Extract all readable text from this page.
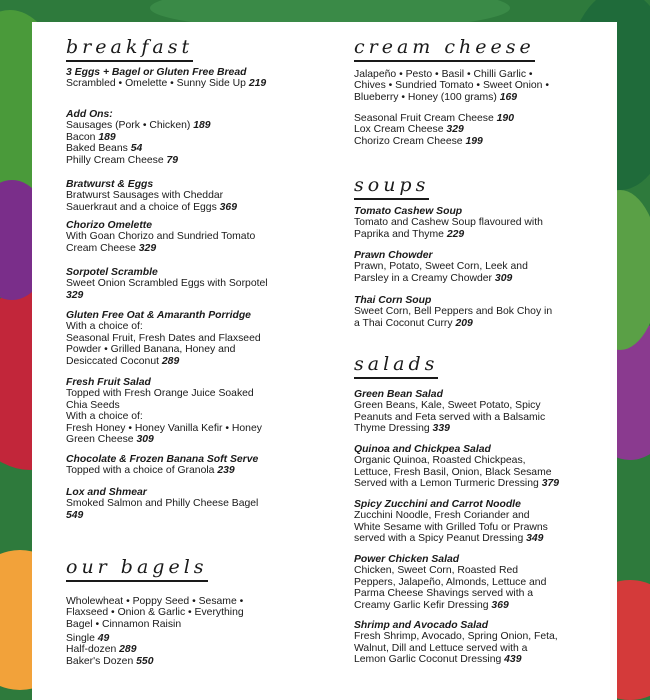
breakfast
3 Eggs + Bagel or Gluten Free Bread
Scrambled • Omelette • Sunny Side Up 219
Add Ons:
Sausages (Pork • Chicken) 189
Bacon 189
Baked Beans 54
Philly Cream Cheese 79
Bratwurst & Eggs
Bratwurst Sausages with Cheddar
Sauerkraut and a choice of Eggs 369
Chorizo Omelette
With Goan Chorizo and Sundried Tomato
Cream Cheese 329
Sorpotel Scramble
Sweet Onion Scrambled Eggs with Sorpotel
329
Gluten Free Oat & Amaranth Porridge
With a choice of:
Seasonal Fruit, Fresh Dates and Flaxseed
Powder • Grilled Banana, Honey and
Desiccated Coconut 289
Fresh Fruit Salad
Topped with Fresh Orange Juice Soaked
Chia Seeds
With a choice of:
Fresh Honey • Honey Vanilla Kefir • Honey
Green Cheese 309
Chocolate & Frozen Banana Soft Serve
Topped with a choice of Granola 239
Lox and Shmear
Smoked Salmon and Philly Cheese Bagel
549
our bagels
Wholewheat • Poppy Seed • Sesame •
Flaxseed • Onion & Garlic • Everything
Bagel • Cinnamon Raisin
Single 49
Half-dozen 289
Baker's Dozen 550
cream cheese
Jalapeño • Pesto • Basil • Chilli Garlic •
Chives • Sundried Tomato • Sweet Onion •
Blueberry • Honey (100 grams) 169
Seasonal Fruit Cream Cheese 190
Lox Cream Cheese 329
Chorizo Cream Cheese 199
soups
Tomato Cashew Soup
Tomato and Cashew Soup flavoured with
Paprika and Thyme 229
Prawn Chowder
Prawn, Potato, Sweet Corn, Leek and
Parsley in a Creamy Chowder 309
Thai Corn Soup
Sweet Corn, Bell Peppers and Bok Choy in
a Thai Coconut Curry 209
salads
Green Bean Salad
Green Beans, Kale, Sweet Potato, Spicy
Peanuts and Feta served with a Balsamic
Thyme Dressing 339
Quinoa and Chickpea Salad
Organic Quinoa, Roasted Chickpeas,
Lettuce, Fresh Basil, Onion, Black Sesame
Served with a Lemon Turmeric Dressing 379
Spicy Zucchini and Carrot Noodle
Zucchini Noodle, Fresh Coriander and
White Sesame with Grilled Tofu or Prawns
served with a Spicy Peanut Dressing 349
Power Chicken Salad
Chicken, Sweet Corn, Roasted Red
Peppers, Jalapeño, Almonds, Lettuce and
Parma Cheese Shavings served with a
Creamy Garlic Kefir Dressing 369
Shrimp and Avocado Salad
Fresh Shrimp, Avocado, Spring Onion, Feta,
Walnut, Dill and Lettuce served with a
Lemon Garlic Coconut Dressing 439
